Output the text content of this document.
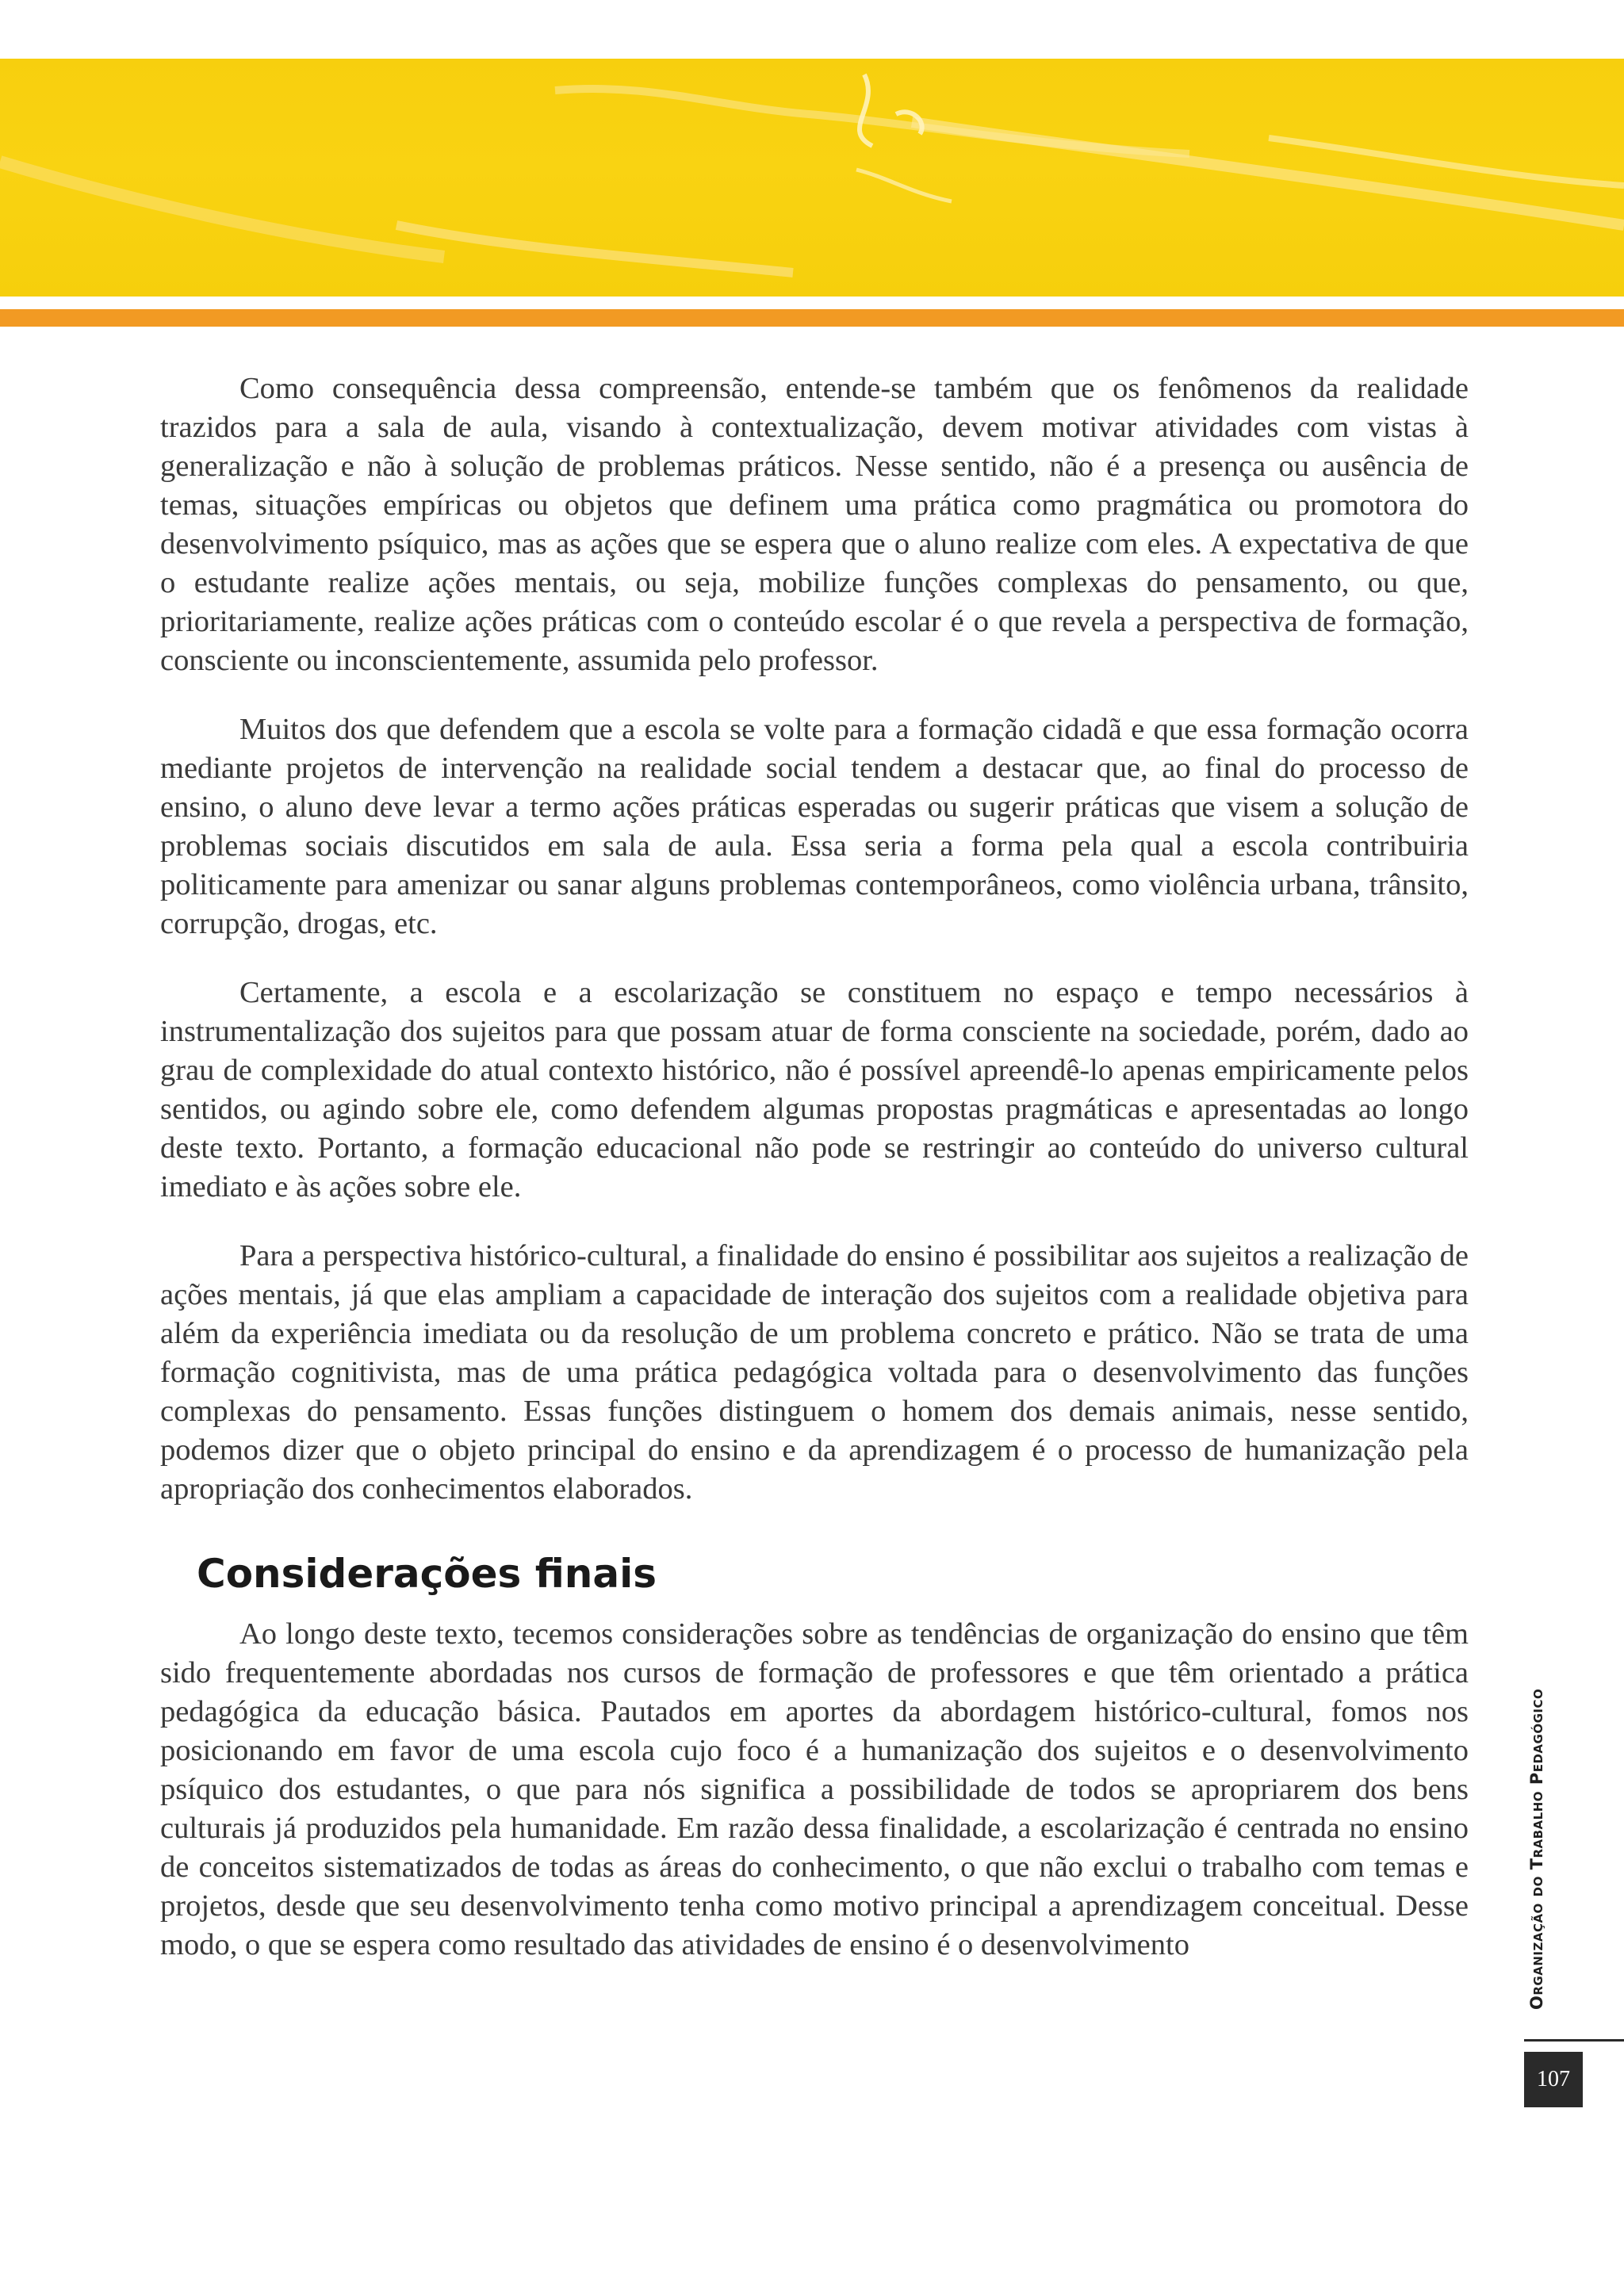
Como consequência dessa compreensão, entende-se também que os fenômenos da realidade trazidos para a sala de aula, visando à contextualização, devem motivar atividades com vistas à generalização e não à solução de problemas práticos. Nesse sentido, não é a presença ou ausência de temas, situações empíricas ou objetos que definem uma prática como pragmática ou promotora do desenvolvimento psíquico, mas as ações que se espera que o aluno realize com eles. A expectativa de que o estudante realize ações mentais, ou seja, mobilize funções complexas do pensamento, ou que, prioritariamente, realize ações práticas com o conteúdo escolar é o que revela a perspectiva de formação, consciente ou inconscientemente, assumida pelo professor.

Muitos dos que defendem que a escola se volte para a formação cidadã e que essa formação ocorra mediante projetos de intervenção na realidade social tendem a destacar que, ao final do processo de ensino, o aluno deve levar a termo ações práticas esperadas ou sugerir práticas que visem a solução de problemas sociais discutidos em sala de aula. Essa seria a forma pela qual a escola contribuiria politicamente para amenizar ou sanar alguns problemas contemporâneos, como violência urbana, trânsito, corrupção, drogas, etc.

Certamente, a escola e a escolarização se constituem no espaço e tempo necessários à instrumentalização dos sujeitos para que possam atuar de forma consciente na sociedade, porém, dado ao grau de complexidade do atual contexto histórico, não é possível apreendê-lo apenas empiricamente pelos sentidos, ou agindo sobre ele, como defendem algumas propostas pragmáticas e apresentadas ao longo deste texto. Portanto, a formação educacional não pode se restringir ao conteúdo do universo cultural imediato e às ações sobre ele.

Para a perspectiva histórico-cultural, a finalidade do ensino é possibilitar aos sujeitos a realização de ações mentais, já que elas ampliam a capacidade de interação dos sujeitos com a realidade objetiva para além da experiência imediata ou da resolução de um problema concreto e prático. Não se trata de uma formação cognitivista, mas de uma prática pedagógica voltada para o desenvolvimento das funções complexas do pensamento. Essas funções distinguem o homem dos demais animais, nesse sentido, podemos dizer que o objeto principal do ensino e da aprendizagem é o processo de humanização pela apropriação dos conhecimentos elaborados.

Considerações finais

Ao longo deste texto, tecemos considerações sobre as tendências de organização do ensino que têm sido frequentemente abordadas nos cursos de formação de professores e que têm orientado a prática pedagógica da educação básica. Pautados em aportes da abordagem histórico-cultural, fomos nos posicionando em favor de uma escola cujo foco é a humanização dos sujeitos e o desenvolvimento psíquico dos estudantes, o que para nós significa a possibilidade de todos se apropriarem dos bens culturais já produzidos pela humanidade. Em razão dessa finalidade, a escolarização é centrada no ensino de conceitos sistematizados de todas as áreas do conhecimento, o que não exclui o trabalho com temas e projetos, desde que seu desenvolvimento tenha como motivo principal a aprendizagem conceitual. Desse modo, o que se espera como resultado das atividades de ensino é o desenvolvimento	Organização do Trabalho Pedagógico
107
